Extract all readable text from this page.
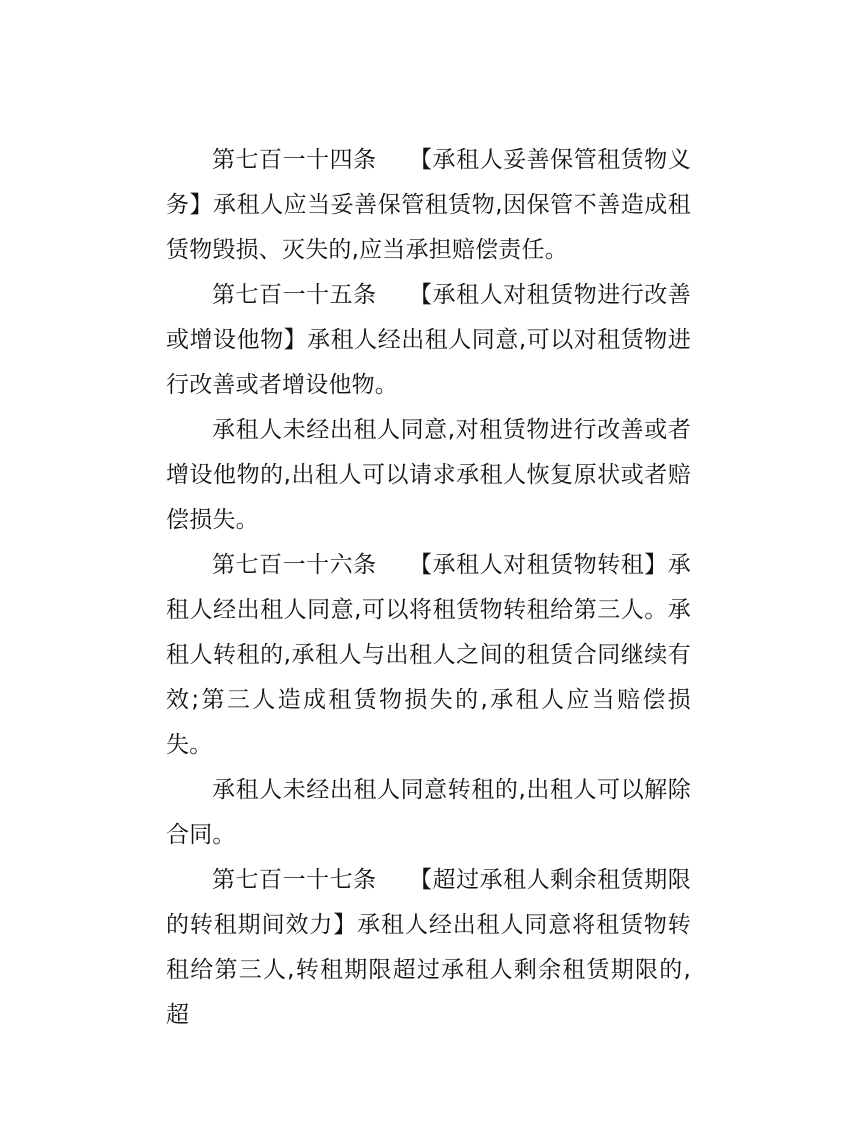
第七百一十四条 【承租人妥善保管租赁物义务】承租人应当妥善保管租赁物,因保管不善造成租赁物毁损、灭失的,应当承担赔偿责任。

第七百一十五条 【承租人对租赁物进行改善或增设他物】承租人经出租人同意,可以对租赁物进行改善或者增设他物。

承租人未经出租人同意,对租赁物进行改善或者增设他物的,出租人可以请求承租人恢复原状或者赔偿损失。

第七百一十六条 【承租人对租赁物转租】承租人经出租人同意,可以将租赁物转租给第三人。承租人转租的,承租人与出租人之间的租赁合同继续有效;第三人造成租赁物损失的,承租人应当赔偿损失。

承租人未经出租人同意转租的,出租人可以解除合同。

第七百一十七条 【超过承租人剩余租赁期限的转租期间效力】承租人经出租人同意将租赁物转租给第三人,转租期限超过承租人剩余租赁期限的,超
